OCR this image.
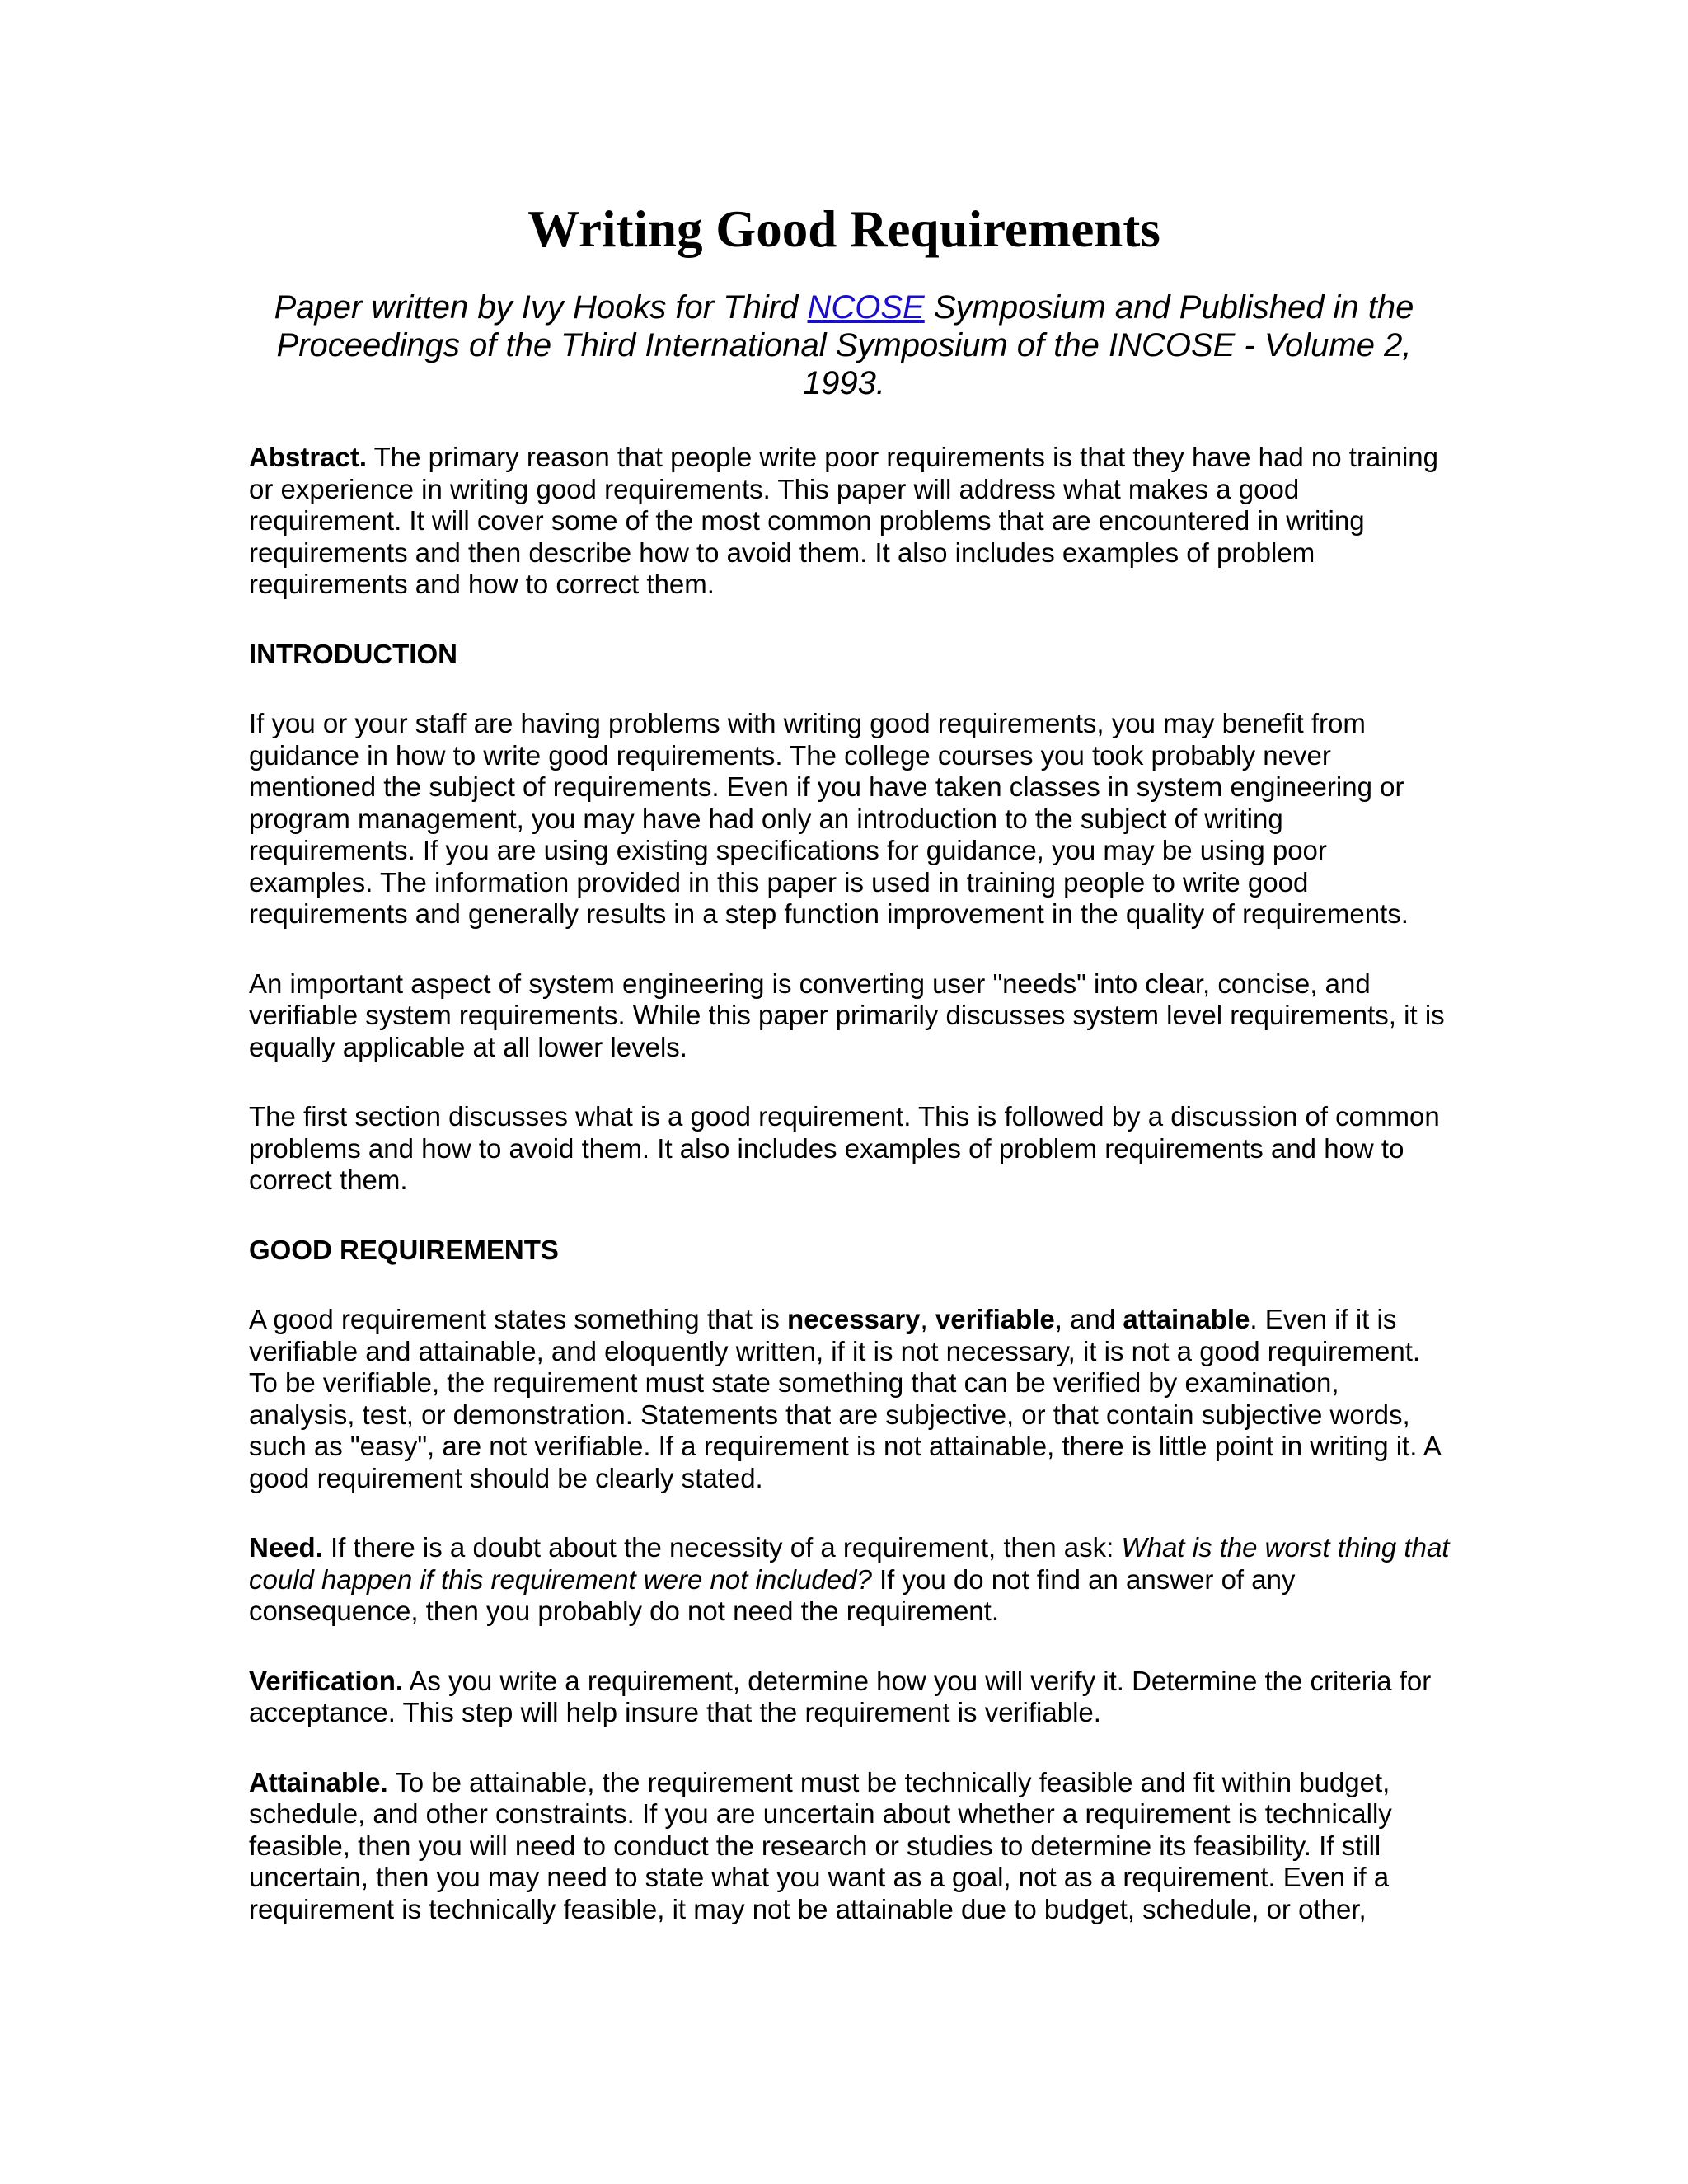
Writing Good Requirements

Paper written by Ivy Hooks for Third NCOSE Symposium and Published in the Proceedings of the Third International Symposium of the INCOSE - Volume 2, 1993.

Abstract. The primary reason that people write poor requirements is that they have had no training or experience in writing good requirements. This paper will address what makes a good requirement. It will cover some of the most common problems that are encountered in writing requirements and then describe how to avoid them. It also includes examples of problem requirements and how to correct them.

INTRODUCTION

If you or your staff are having problems with writing good requirements, you may benefit from guidance in how to write good requirements. The college courses you took probably never mentioned the subject of requirements. Even if you have taken classes in system engineering or program management, you may have had only an introduction to the subject of writing requirements. If you are using existing specifications for guidance, you may be using poor examples. The information provided in this paper is used in training people to write good requirements and generally results in a step function improvement in the quality of requirements.

An important aspect of system engineering is converting user "needs" into clear, concise, and verifiable system requirements. While this paper primarily discusses system level requirements, it is equally applicable at all lower levels.

The first section discusses what is a good requirement. This is followed by a discussion of common problems and how to avoid them. It also includes examples of problem requirements and how to correct them.

GOOD REQUIREMENTS

A good requirement states something that is necessary, verifiable, and attainable. Even if it is verifiable and attainable, and eloquently written, if it is not necessary, it is not a good requirement. To be verifiable, the requirement must state something that can be verified by examination, analysis, test, or demonstration. Statements that are subjective, or that contain subjective words, such as "easy", are not verifiable. If a requirement is not attainable, there is little point in writing it. A good requirement should be clearly stated.

Need. If there is a doubt about the necessity of a requirement, then ask: What is the worst thing that could happen if this requirement were not included? If you do not find an answer of any consequence, then you probably do not need the requirement.

Verification. As you write a requirement, determine how you will verify it. Determine the criteria for acceptance. This step will help insure that the requirement is verifiable.

Attainable. To be attainable, the requirement must be technically feasible and fit within budget, schedule, and other constraints. If you are uncertain about whether a requirement is technically feasible, then you will need to conduct the research or studies to determine its feasibility. If still uncertain, then you may need to state what you want as a goal, not as a requirement. Even if a requirement is technically feasible, it may not be attainable due to budget, schedule, or other,
